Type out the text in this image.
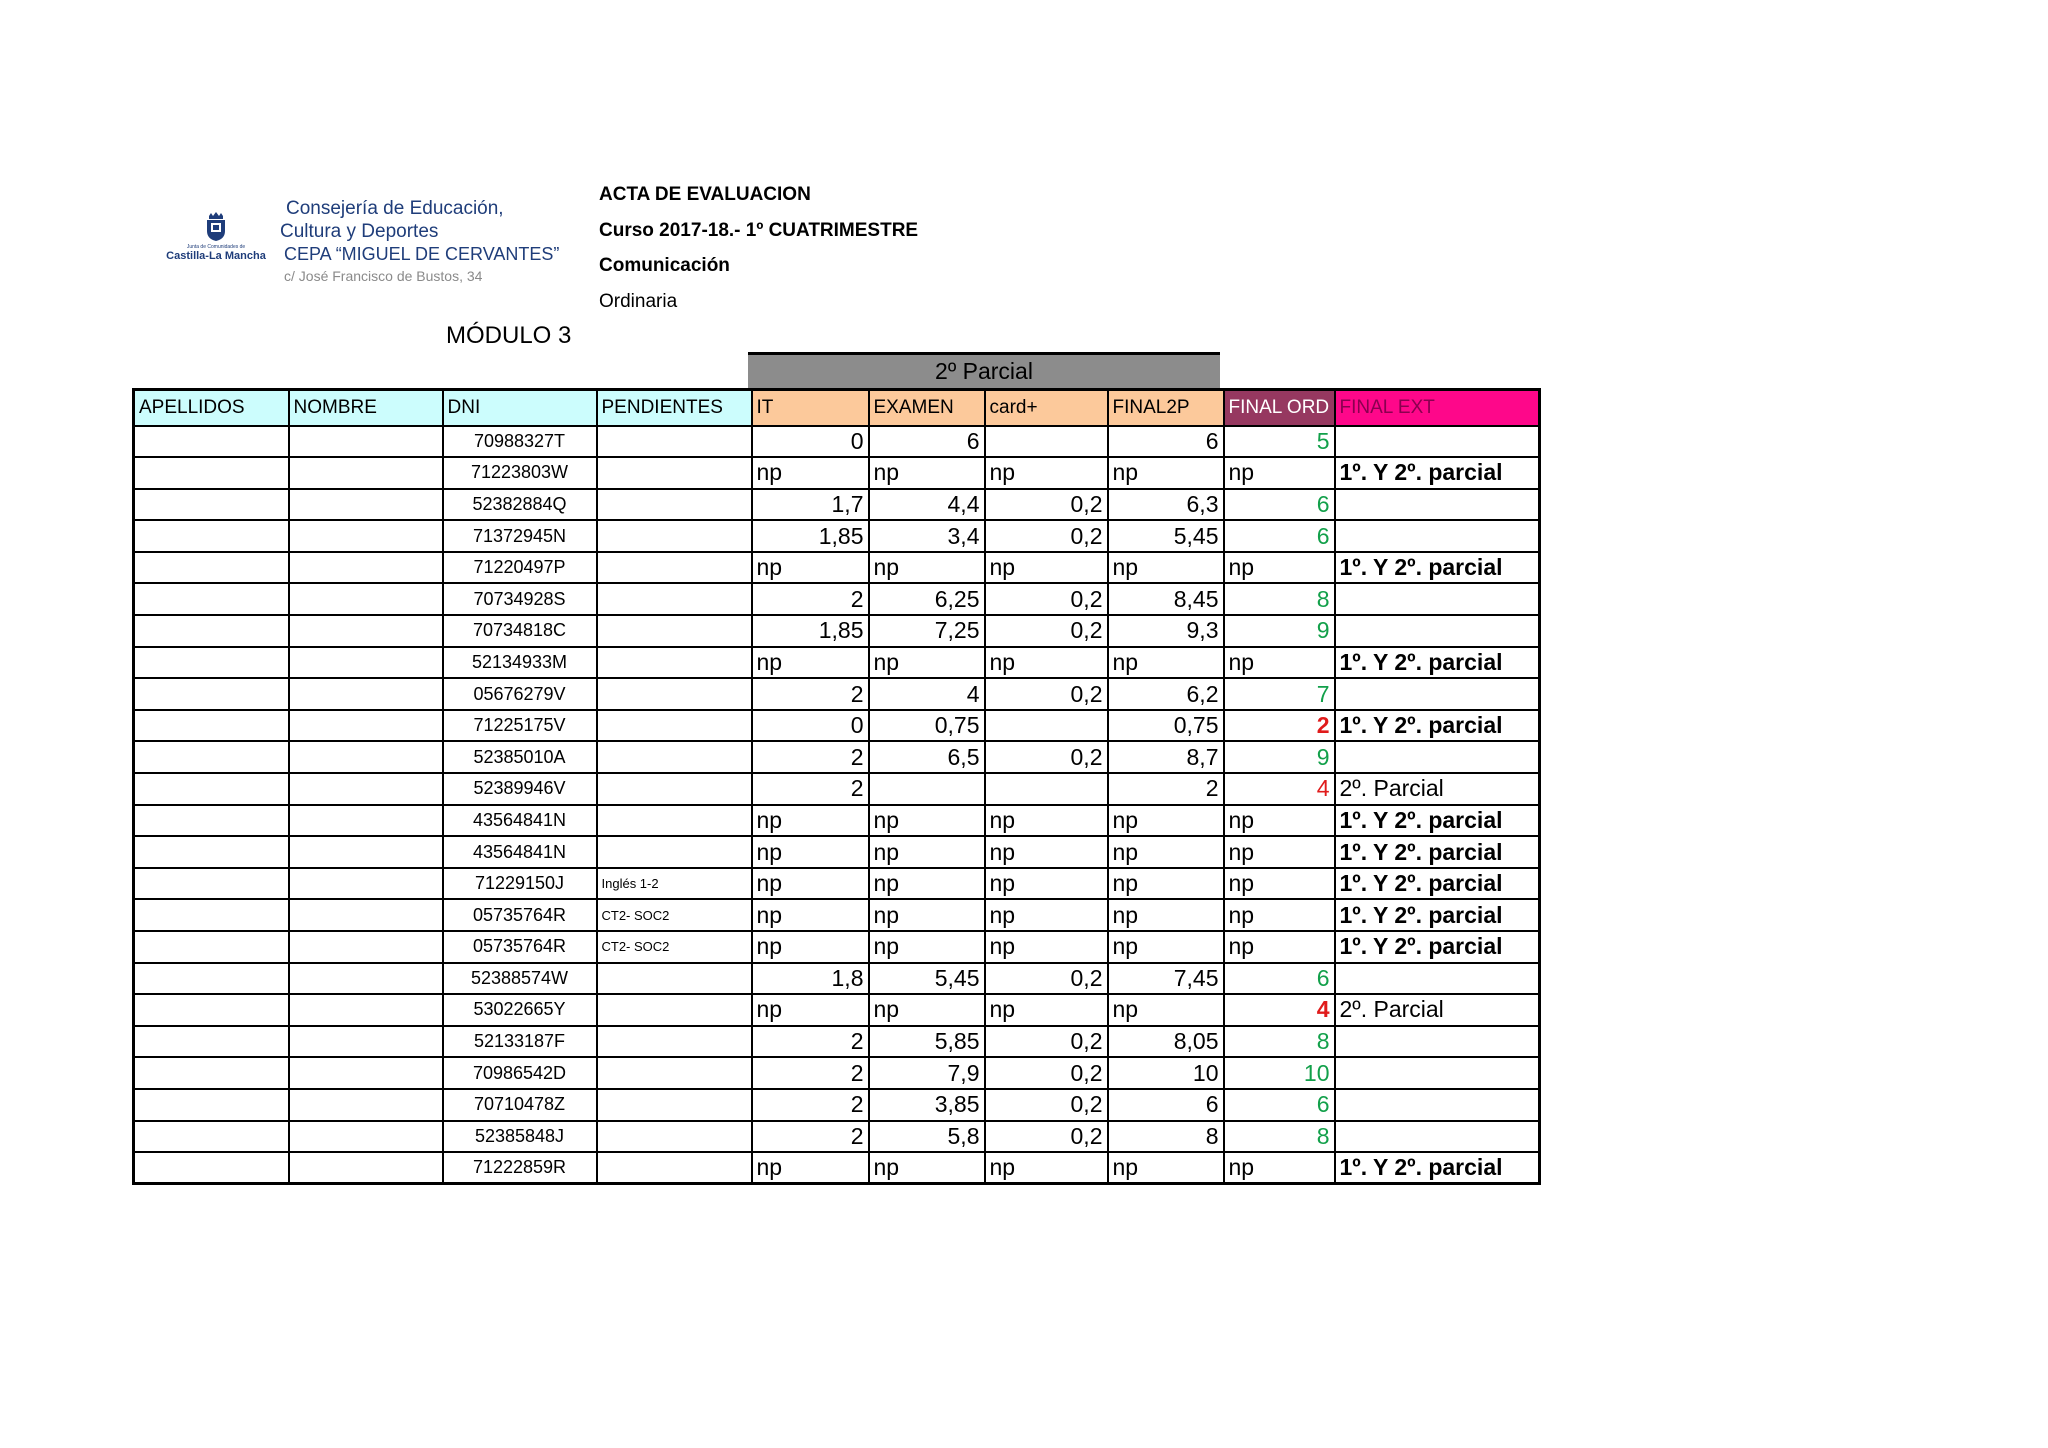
Junta de Comunidades de
Castilla-La Mancha
Consejería de Educación,
Cultura y Deportes
CEPA “MIGUEL DE CERVANTES”
c/ José Francisco de Bustos, 34
ACTA DE EVALUACION
Curso 2017-18.- 1º CUATRIMESTRE
Comunicación
Ordinaria
MÓDULO 3
2º Parcial
APELLIDOS	NOMBRE	DNI	PENDIENTES	IT	EXAMEN	card+	FINAL2P	FINAL ORD	FINAL EXT
		70988327T		0	6		6	5	
		71223803W		np	np	np	np	np	1º. Y 2º. parcial
		52382884Q		1,7	4,4	0,2	6,3	6	
		71372945N		1,85	3,4	0,2	5,45	6	
		71220497P		np	np	np	np	np	1º. Y 2º. parcial
		70734928S		2	6,25	0,2	8,45	8	
		70734818C		1,85	7,25	0,2	9,3	9	
		52134933M		np	np	np	np	np	1º. Y 2º. parcial
		05676279V		2	4	0,2	6,2	7	
		71225175V		0	0,75		0,75	2	1º. Y 2º. parcial
		52385010A		2	6,5	0,2	8,7	9	
		52389946V		2			2	4	2º. Parcial
		43564841N		np	np	np	np	np	1º. Y 2º. parcial
		43564841N		np	np	np	np	np	1º. Y 2º. parcial
		71229150J	Inglés 1-2	np	np	np	np	np	1º. Y 2º. parcial
		05735764R	CT2- SOC2	np	np	np	np	np	1º. Y 2º. parcial
		05735764R	CT2- SOC2	np	np	np	np	np	1º. Y 2º. parcial
		52388574W		1,8	5,45	0,2	7,45	6	
		53022665Y		np	np	np	np	4	2º. Parcial
		52133187F		2	5,85	0,2	8,05	8	
		70986542D		2	7,9	0,2	10	10	
		70710478Z		2	3,85	0,2	6	6	
		52385848J		2	5,8	0,2	8	8	
		71222859R		np	np	np	np	np	1º. Y 2º. parcial
